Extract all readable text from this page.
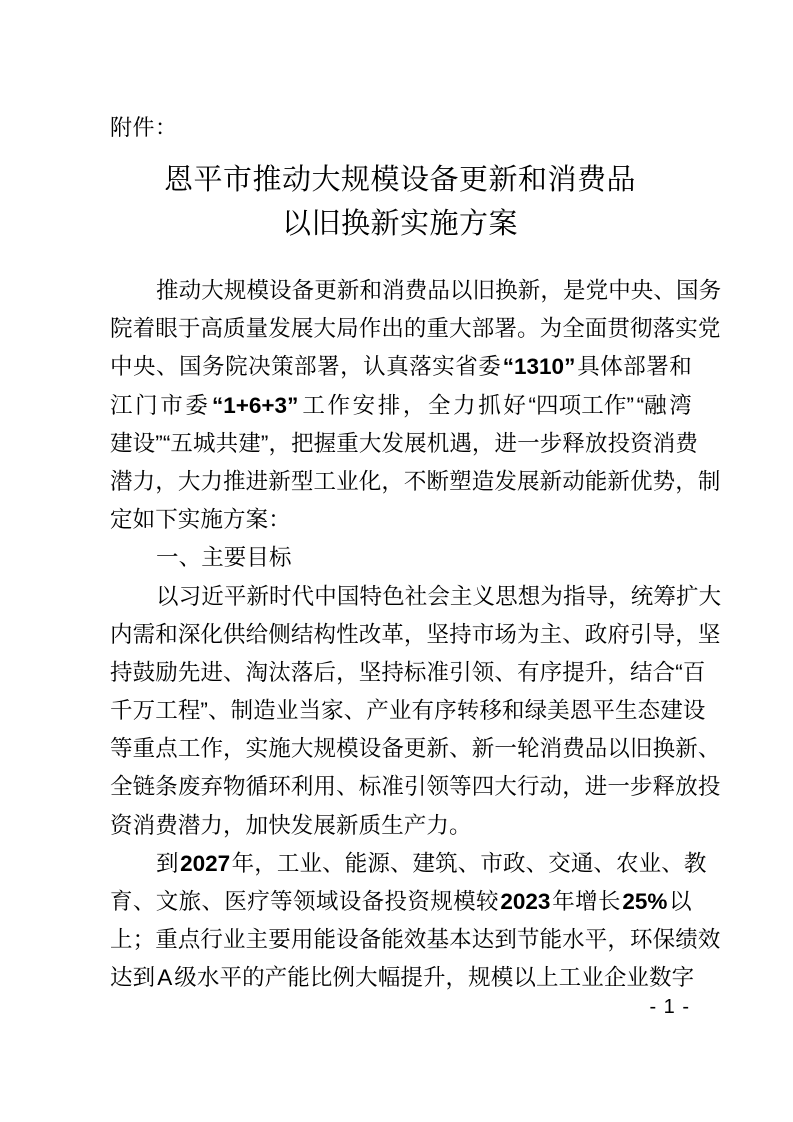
附件：
恩平市推动大规模设备更新和消费品
以旧换新实施方案
推 动 大 规 模 设 备 更 新 和 消 费 品 以 旧 换 新 ， 是 党 中 央 、 国 务
院 着 眼 于 高 质 量 发 展 大 局 作 出 的 重 大 部 署 。 为 全 面 贯 彻 落 实 党
中 央 、 国 务 院 决 策 部 署 ， 认 真 落 实 省 委 “1310” 具 体 部 署 和
江 门 市 委 “1+6+3” 工 作 安 排 ， 全 力 抓 好 “四项工作” “融 湾
建 设” “五 城 共 建” ， 把 握 重 大 发 展 机 遇 ， 进 一 步 释 放 投 资 消 费
潜 力 ， 大 力 推 进 新 型 工 业 化 ， 不 断 塑 造 发 展 新 动 能 新 优 势 ， 制
定如下实施方案：
一、主要目标
以 习 近 平 新 时 代 中 国 特 色 社 会 主 义 思 想 为 指 导 ， 统 筹 扩 大
内 需 和 深 化 供 给 侧 结 构 性 改 革 ， 坚 持 市 场 为 主 、 政 府 引 导 ， 坚
持 鼓 励 先 进 、 淘 汰 落 后 ， 坚 持 标 准 引 领 、 有 序 提 升 ， 结 合 “百
千 万 工 程” 、 制 造 业 当 家 、 产 业 有 序 转 移 和 绿 美 恩 平 生 态 建 设
等 重 点 工 作 ， 实 施 大 规 模 设 备 更 新 、 新 一 轮 消 费 品 以 旧 换 新 、
全 链 条 废 弃 物 循 环 利 用 、 标 准 引 领 等 四 大 行 动 ， 进 一 步 释 放 投
资消费潜力，加快发展新质生产力。
到 2027 年 ， 工 业 、 能 源 、 建 筑 、 市 政 、 交 通 、 农 业 、 教
育 、 文 旅 、 医 疗 等 领 域 设 备 投 资 规 模 较 2023 年 增 长 25% 以
上 ；重 点 行 业 主 要 用 能 设 备 能 效 基 本 达 到 节 能 水 平 ， 环 保 绩 效
达 到 A 级 水 平 的 产 能 比 例 大 幅 提 升 ， 规 模 以 上 工 业 企 业 数 字
- 1 -
